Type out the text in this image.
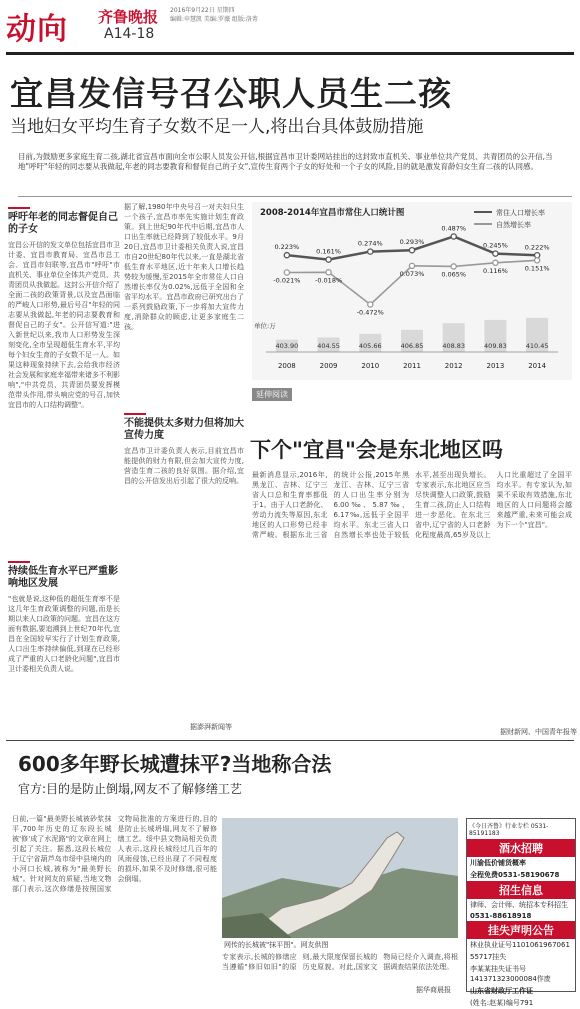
动向 齐鲁晚报 2016年9月22日 星期四
编辑:申慧凯 美编:罗薇 组版:洛菁
A14-18
宜昌发信号召公职人员生二孩
当地妇女平均生育子女数不足一人,将出台具体鼓励措施
目前,为鼓励更多家庭生育二孩,湖北省宜昌市面向全市公职人员发公开信,根据宜昌市卫计委网站挂出的这封致市直机关、事业单位共产党员、共青团员的公开信,当地"呼吁"年轻的同志要从我做起,年老的同志要教育和督促自己的子女",宣传生育两个子女的好处和一个子女的风险,目的就是激发育龄妇女生育二孩的认同感。
呼吁年老的同志督促自己的子女
宜昌公开信的发文单位包括宜昌市卫计委、宜昌市教育局、宜昌市总工会、宜昌市妇联等,宜昌市"呼吁"市直机关、事业单位全体共产党员、共青团员从我做起。这封公开信介绍了全面二孩的政策背景,以及宜昌面临的严峻人口形势,最后号召"年轻的同志要从我做起,年老的同志要教育和督促自己的子女"。公开信写道:"进入新世纪以来,我市人口形势发生深刻变化,全市呈现超低生育水平,平均每个妇女生育的子女数不足一人。如果这种现象持续下去,会给我市经济社会发展和家庭幸福带来诸多不利影响","中共党员、共青团员要发挥模范带头作用,带头响应党的号召,加快宜昌市的人口结构调整"。
持续低生育水平已严重影响地区发展
"也就是说,这种低的超低生育率不是这几年生育政策调整的问题,而是长期以来人口政策的问题。宜昌在这方面有数据,要追溯到上世纪70年代,宜昌在全国较早实行了计划生育政策,人口出生率持续偏低,到现在已经形成了严重的人口老龄化问题",宜昌市卫计委相关负责人说。
据了解,1980年中央号召一对夫妇只生一个孩子,宜昌市率先实施计划生育政策。到上世纪90年代中后期,宜昌市人口出生率就已经降到了较低水平。9月20日,宜昌市卫计委相关负责人说,宜昌市自20世纪80年代以来,一直是湖北省低生育水平地区,近十年来人口增长趋势较为缓慢,至2015年全市常住人口自然增长率仅为0.02%,远低于全国和全省平均水平。宜昌市政府已研究出台了一系列鼓励政策,下一步将加大宣传力度,消除群众的顾虑,让更多家庭生二孩。
不能提供太多财力但将加大宣传力度
宜昌市卫计委负责人表示,目前宜昌市能提供的财力有限,但会加大宣传力度,营造生育二孩的良好氛围。据介绍,宜昌的公开信发出后引起了很大的反响。
据澎湃新闻等
2008-2014年宜昌市常住人口统计图	常住人口增长率
自然增长率
403.90	404.55	405.66	406.85	408.83	409.83	410.45
单位:万
0.223%
0.161%
0.274%	0.293%
0.487%
0.245%	0.222%
-0.021% -0.018%
-0.472%
0.073%	0.065%	0.116%	0.151%
2008	2009	2010	2011	2012	2013	2014
延伸阅读
下个"宜昌"会是东北地区吗
最新消息显示,2016年,黑龙江、吉林、辽宁三省人口总和生育率都低于1。由于人口老龄化、劳动力流失等原因,东北地区的人口形势已经非常严峻。根据东北三省的统计公报,2015年黑龙江、吉林、辽宁三省的人口出生率分别为6.00‰、5.87‰、6.17‰,远低于全国平均水平。东北三省人口自然增长率也处于较低水平,甚至出现负增长。专家表示,东北地区应当尽快调整人口政策,鼓励生育二孩,防止人口结构进一步恶化。在东北三省中,辽宁省的人口老龄化程度最高,65岁及以上人口比重超过了全国平均水平。有专家认为,如果不采取有效措施,东北地区的人口问题将会越来越严重,未来可能会成为下一个"宜昌"。
据财新网、中国青年报等
600多年野长城遭抹平?当地称合法
官方:目的是防止倒塌,网友不了解修缮工艺
日前,一篇"最美野长城被砂浆抹平,700年历史的辽东段长城被'修'成了水泥路"的文章在网上引起了关注。据悉,这段长城位于辽宁省葫芦岛市绥中县境内的小河口长城,被称为"最美野长城"。针对网友的质疑,当地文物部门表示,这次修缮是按照国家文物局批准的方案进行的,目的是防止长城坍塌,网友不了解修缮工艺。绥中县文物局相关负责人表示,这段长城经过几百年的风雨侵蚀,已经出现了不同程度的损坏,如果不及时修缮,很可能会倒塌。
网传的长城被"抹平图"。网友供图
专家表示,长城的修缮应当遵循"修旧如旧"的原则,最大限度保留长城的历史原貌。对此,国家文物局已经介入调查,将根据调查结果依法处理。
据华商晨报
《今日齐鲁》行业专栏 0531-85191183
酒水招聘
川渝低价铺货概率
全程免费0531-58190678
招生信息
律师、会计师、统招本专科招生
0531-88618918
挂失声明公告
林业执业证号1101061967061
55717挂失
李某某挂失证书号141371323000084作废
山东省财政厅工作证
(姓名:赵某)编号791
